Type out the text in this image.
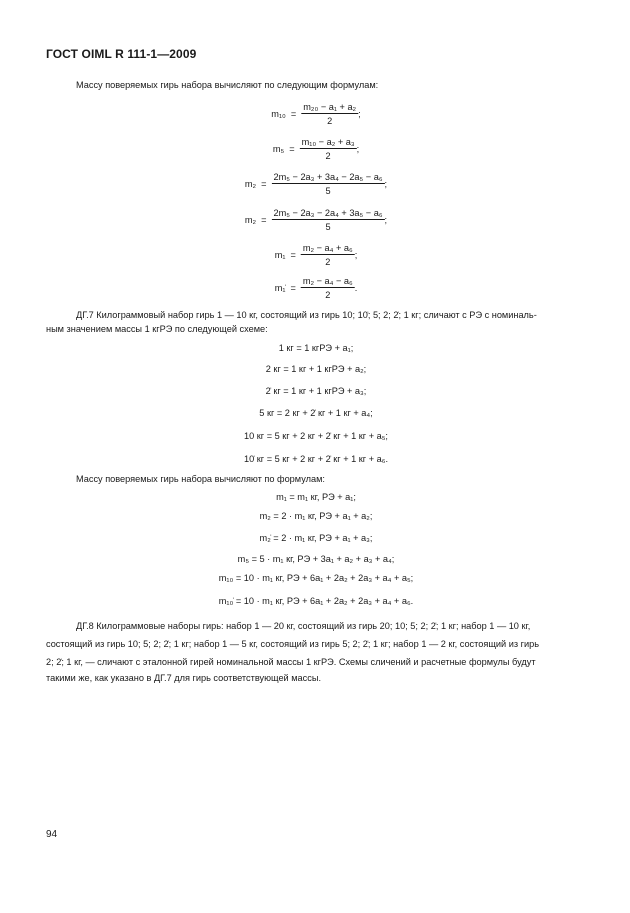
ГОСТ OIML R 111-1—2009
Массу поверяемых гирь набора вычисляют по следующим формулам:
$m_{10} = \frac{\text{m₂₀ − a₁ + a₂}}{2}$ ;
$m_5 = \frac{\text{m₁₀ − a₂ + a₃}}{2}$ ;
$m_2 = \frac{\text{2m₅ − 2a₃ + 3a₄ − 2a₅ − a₆}}{5}$ ;
$m_2 = \frac{\text{2m₅ − 2a₃ − 2a₄ + 3a₅ − a₆}}{5}$ ;
$m_1 = \frac{\text{m₂ − a₄ + a₆}}{2}$ ;
m₁̇ = $\frac{\text{m₂ − a₄ − a₆}}{2}$ .
ДГ.7 Килограммовый набор гирь 1 — 10 кг, состоящий из гирь 10; 10̇; 5; 2; 2̇; 1 кг; сличают с РЭ с номиналь-
ным значением массы 1 кгРЭ по следующей схеме:
1 кг = 1 кгРЭ + a₁;
2 кг = 1 кг + 1 кгРЭ + a₂;
2̇ кг = 1 кг + 1 кгРЭ + a₃;
5 кг = 2 кг + 2̇ кг + 1 кг + a₄;
10 кг = 5 кг + 2 кг + 2̇ кг + 1 кг + a₅;
10̇ кг = 5 кг + 2 кг + 2̇ кг + 1 кг + a₆.
Массу поверяемых гирь набора вычисляют по формулам:
m₁ = m₁ кг, РЭ + a₁;
m₂ = 2 · m₁ кг, РЭ + a₁ + a₂;
m₂̇ = 2 · m₁ кг, РЭ + a₁ + a₃;
m₅ = 5 · m₁ кг, РЭ + 3a₁ + a₂ + a₃ + a₄;
m₁₀ = 10 · m₁ кг, РЭ + 6a₁ + 2a₂ + 2a₃ + a₄ + a₅;
m₁₀̇ = 10 · m₁ кг, РЭ + 6a₁ + 2a₂ + 2a₃ + a₄ + a₆.
ДГ.8 Килограммовые наборы гирь: набор 1 — 20 кг, состоящий из гирь 20; 10; 5; 2; 2̇; 1 кг; набор 1 — 10 кг,
состоящий из гирь 10; 5; 2; 2̇; 1 кг; набор 1 — 5 кг, состоящий из гирь 5; 2; 2̇; 1 кг; набор 1 — 2 кг, состоящий из гирь
2; 2̇; 1 кг, — сличают с эталонной гирей номинальной массы 1 кгРЭ. Схемы сличений и расчетные формулы будут
такими же, как указано в ДГ.7 для гирь соответствующей массы.
94
